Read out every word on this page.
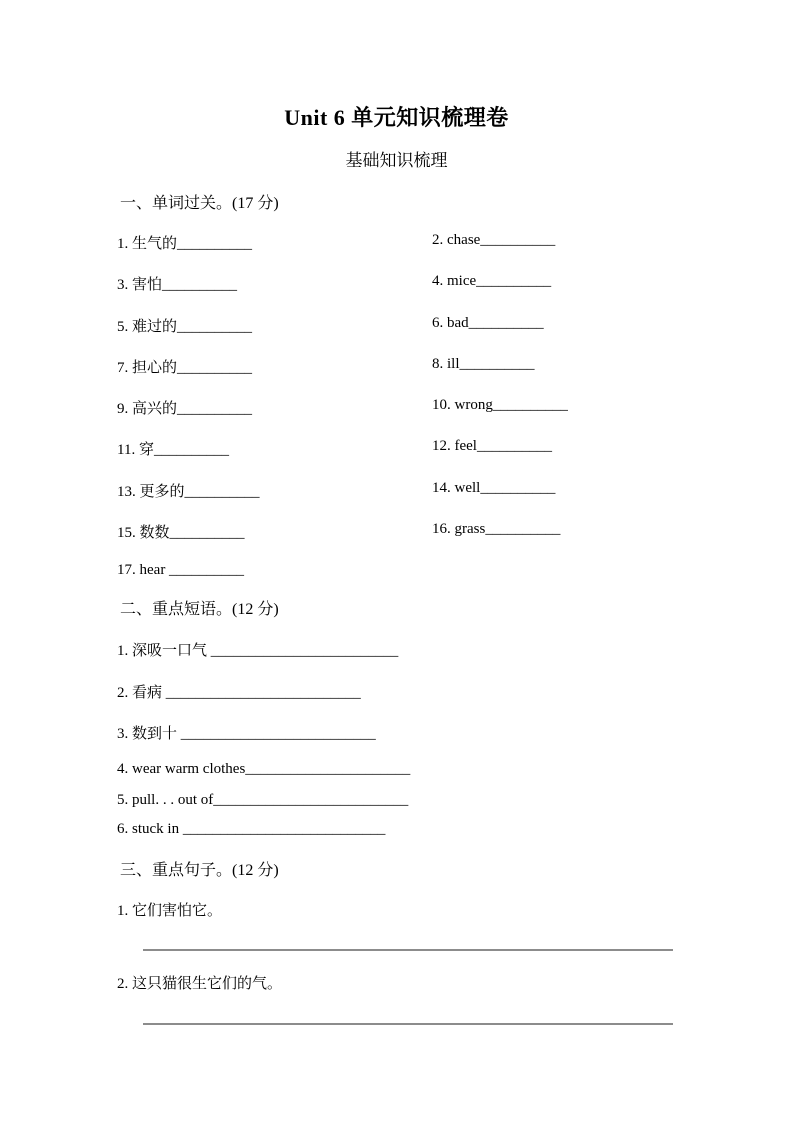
Unit 6 单元知识梳理卷
基础知识梳理
一、单词过关。(17 分)
1. 生气的__________	2. chase__________
3. 害怕__________	4. mice__________
5. 难过的__________	6. bad__________
7. 担心的__________	8. ill__________
9. 高兴的__________	10. wrong__________
11. 穿__________	12. feel__________
13. 更多的__________	14. well__________
15. 数数__________	16. grass__________
17. hear __________
二、重点短语。(12 分)
1. 深吸一口气 _________________________
2. 看病 __________________________
3. 数到十 __________________________
4. wear warm clothes______________________
5. pull. . . out of__________________________
6. stuck in ___________________________
三、重点句子。(12 分)
1. 它们害怕它。
2. 这只猫很生它们的气。
